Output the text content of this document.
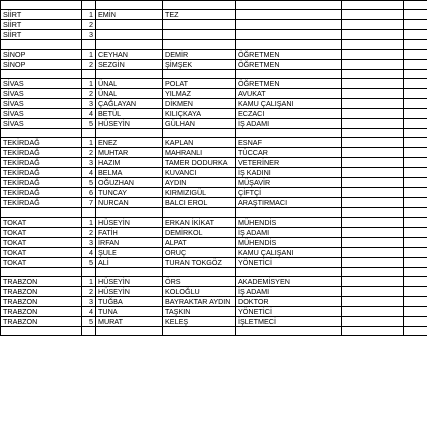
SİİRT	1	EMİN	TEZ			
SİİRT	2					
SİİRT	3					

SİNOP	1	CEYHAN	DEMİR	ÖĞRETMEN		
SİNOP	2	SEZGİN	ŞİMŞEK	ÖĞRETMEN		

SİVAS	1	ÜNAL	POLAT	ÖĞRETMEN		
SİVAS	2	ÜNAL	YILMAZ	AVUKAT		
SİVAS	3	ÇAĞLAYAN	DİKMEN	KAMU ÇALIŞANI		
SİVAS	4	BETÜL	KILIÇKAYA	ECZACI		
SİVAS	5	HÜSEYİN	GÜLHAN	İŞ ADAMI		

TEKİRDAĞ	1	ENEZ	KAPLAN	ESNAF		
TEKİRDAĞ	2	MUHTAR	MAHRANLI	TÜCCAR		
TEKİRDAĞ	3	HAZIM	TAMER DODURKA	VETERİNER		
TEKİRDAĞ	4	BELMA	KUVANCI	İŞ KADINI		
TEKİRDAĞ	5	OĞUZHAN	AYDIN	MÜŞAVİR		
TEKİRDAĞ	6	TUNCAY	KIRMIZIGÜL	ÇİFTÇİ		
TEKİRDAĞ	7	NURCAN	BALCI EROL	ARAŞTIRMACI		

TOKAT	1	HÜSEYİN	ERKAN İKİKAT	MÜHENDİS		
TOKAT	2	FATİH	DEMİRKOL	İŞ ADAMI		
TOKAT	3	İRFAN	ALPAT	MÜHENDİS		
TOKAT	4	ŞULE	ORUÇ	KAMU ÇALIŞANI		
TOKAT	5	ALİ	TURAN TOKGÖZ	YÖNETİCİ		

TRABZON	1	HÜSEYİN	ÖRS	AKADEMİSYEN		
TRABZON	2	HÜSEYİN	KOLOĞLU	İŞ ADAMI		
TRABZON	3	TUĞBA	BAYRAKTAR AYDIN	DOKTOR		
TRABZON	4	TUNA	TAŞKIN	YÖNETİCİ		
TRABZON	5	MURAT	KELEŞ	İŞLETMECİ		
